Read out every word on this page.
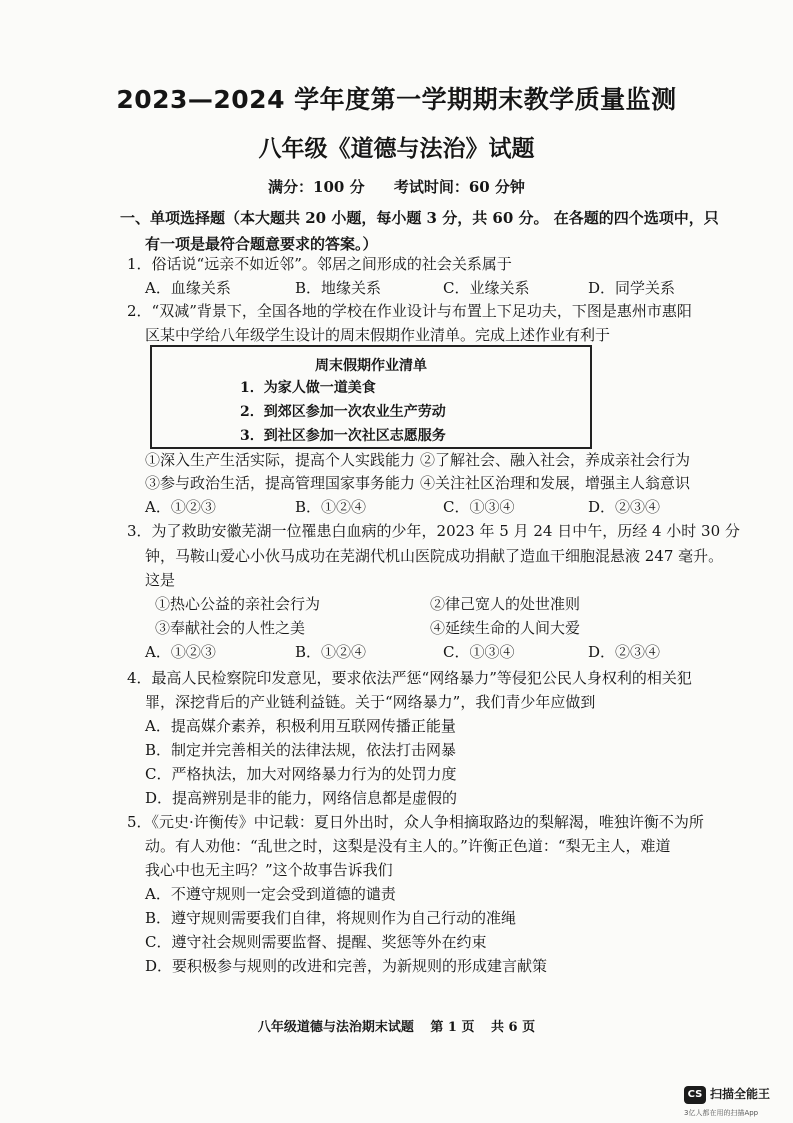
2023—2024 学年度第一学期期末教学质量监测
八年级《道德与法治》试题
满分：100 分 考试时间：60 分钟
一、单项选择题（本大题共 20 小题，每小题 3 分，共 60 分。 在各题的四个选项中，只
有一项是最符合题意要求的答案。）
1．俗话说“远亲不如近邻”。邻居之间形成的社会关系属于
A．血缘关系	B．地缘关系	C．业缘关系	D．同学关系
2．“双减”背景下，全国各地的学校在作业设计与布置上下足功夫，下图是惠州市惠阳
区某中学给八年级学生设计的周末假期作业清单。完成上述作业有利于
周末假期作业清单
1．为家人做一道美食
2．到郊区参加一次农业生产劳动
3．到社区参加一次社区志愿服务
①深入生产生活实际，提高个人实践能力 ②了解社会、融入社会，养成亲社会行为
③参与政治生活，提高管理国家事务能力 ④关注社区治理和发展，增强主人翁意识
A．①②③	B．①②④	C．①③④	D．②③④
3．为了救助安徽芜湖一位罹患白血病的少年，2023 年 5 月 24 日中午，历经 4 小时 30 分
钟，马鞍山爱心小伙马成功在芜湖代机山医院成功捐献了造血干细胞混悬液 247 毫升。
这是
①热心公益的亲社会行为	②律己宽人的处世准则
③奉献社会的人性之美	④延续生命的人间大爱
A．①②③	B．①②④	C．①③④	D．②③④
4．最高人民检察院印发意见，要求依法严惩“网络暴力”等侵犯公民人身权利的相关犯
罪，深挖背后的产业链利益链。关于“网络暴力”，我们青少年应做到
A．提高媒介素养，积极利用互联网传播正能量
B．制定并完善相关的法律法规，依法打击网暴
C．严格执法，加大对网络暴力行为的处罚力度
D．提高辨别是非的能力，网络信息都是虚假的
5．《元史·许衡传》中记载：夏日外出时，众人争相摘取路边的梨解渴，唯独许衡不为所
动。有人劝他：“乱世之时，这梨是没有主人的。”许衡正色道：“梨无主人，难道
我心中也无主吗？”这个故事告诉我们
A．不遵守规则一定会受到道德的谴责
B．遵守规则需要我们自律，将规则作为自己行动的准绳
C．遵守社会规则需要监督、提醒、奖惩等外在约束
D．要积极参与规则的改进和完善，为新规则的形成建言献策
八年级道德与法治期末试题 第 1 页 共 6 页
CS 扫描全能王
3亿人都在用的扫描App
